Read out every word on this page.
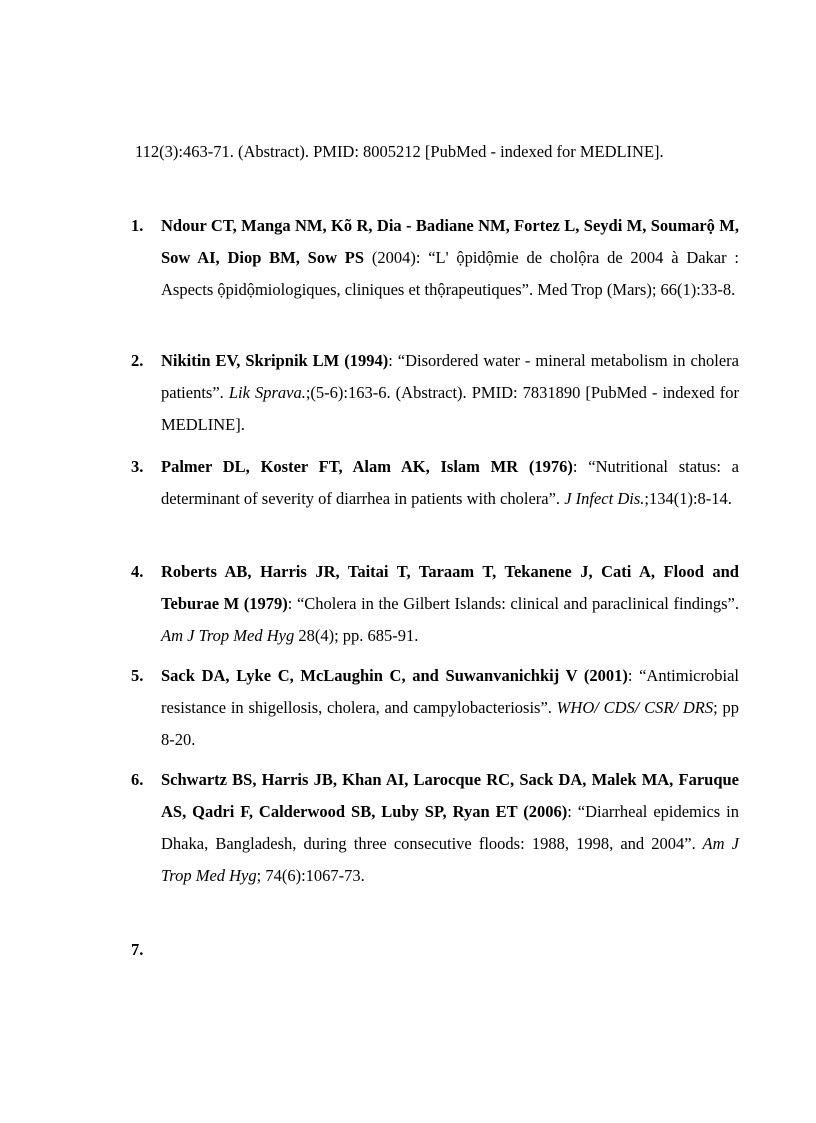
112(3):463-71. (Abstract). PMID: 8005212 [PubMed - indexed for MEDLINE].
1.	Ndour CT, Manga NM, Kõ R, Dia - Badiane NM, Fortez L, Seydi M, Soumarộ M, Sow AI, Diop BM, Sow PS (2004): “L' ộpidộmie de cholộra de 2004 à Dakar : Aspects ộpidộmiologiques, cliniques et thộrapeutiques”. Med Trop (Mars); 66(1):33-8.
2.	Nikitin EV, Skripnik LM (1994): “Disordered water - mineral metabolism in cholera patients”. Lik Sprava.;(5-6):163-6. (Abstract). PMID: 7831890 [PubMed - indexed for MEDLINE].
3.	Palmer DL, Koster FT, Alam AK, Islam MR (1976): “Nutritional status: a determinant of severity of diarrhea in patients with cholera”. J Infect Dis.;134(1):8-14.
4.	Roberts AB, Harris JR, Taitai T, Taraam T, Tekanene J, Cati A, Flood and Teburae M (1979): “Cholera in the Gilbert Islands: clinical and paraclinical findings”. Am J Trop Med Hyg 28(4); pp. 685-91.
5.	Sack DA, Lyke C, McLaughin C, and Suwanvanichkij V (2001): “Antimicrobial resistance in shigellosis, cholera, and campylobacteriosis”. WHO/ CDS/ CSR/ DRS; pp 8-20.
6.	Schwartz BS, Harris JB, Khan AI, Larocque RC, Sack DA, Malek MA, Faruque AS, Qadri F, Calderwood SB, Luby SP, Ryan ET (2006): “Diarrheal epidemics in Dhaka, Bangladesh, during three consecutive floods: 1988, 1998, and 2004”. Am J Trop Med Hyg; 74(6):1067-73.
7.
